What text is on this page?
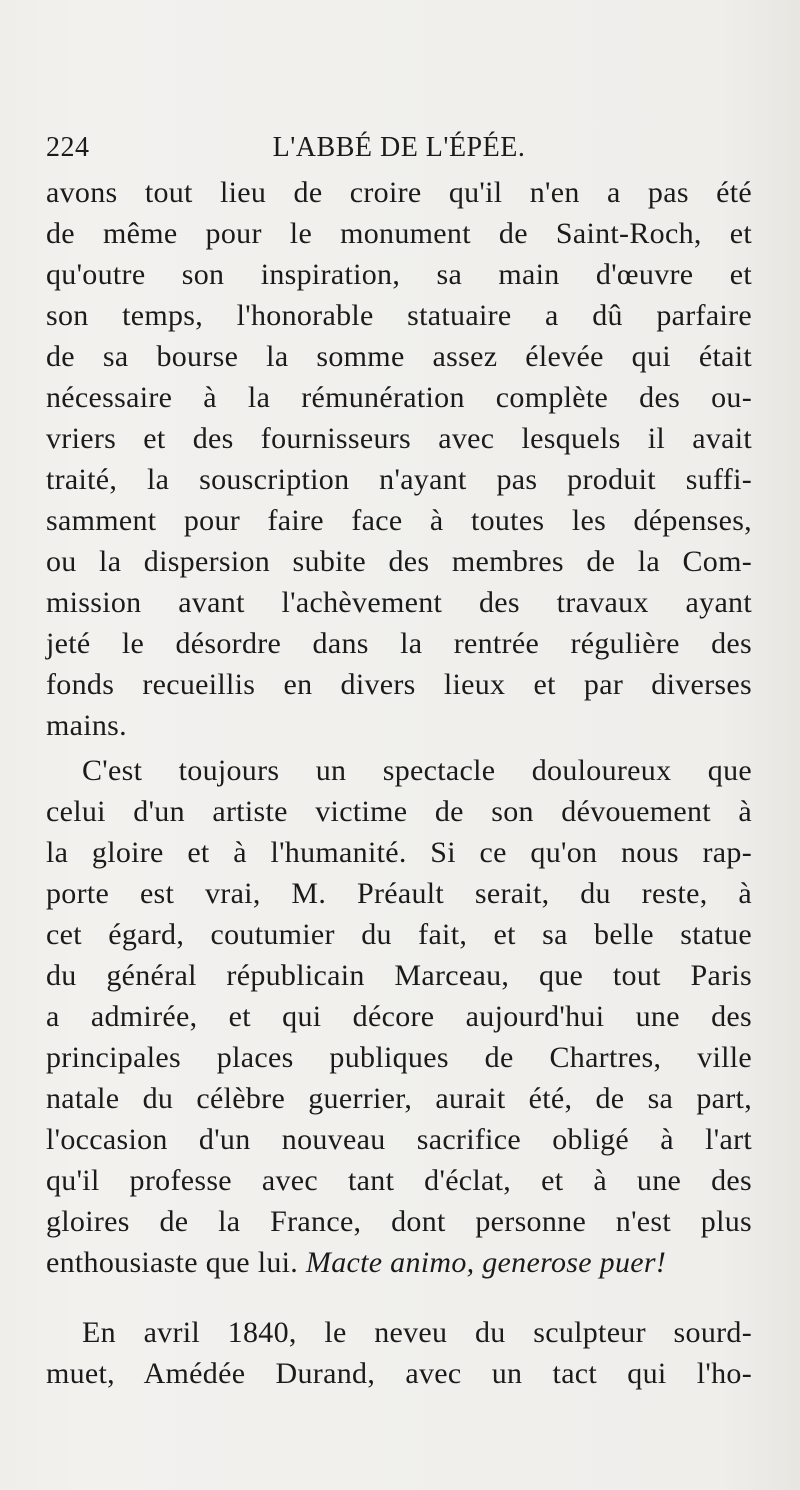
224	L'ABBÉ DE L'ÉPÉE.
avons tout lieu de croire qu'il n'en a pas été
de même pour le monument de Saint-Roch, et
qu'outre son inspiration, sa main d'œuvre et
son temps, l'honorable statuaire a dû parfaire
de sa bourse la somme assez élevée qui était
nécessaire à la rémunération complète des ou-
vriers et des fournisseurs avec lesquels il avait
traité, la souscription n'ayant pas produit suffi-
samment pour faire face à toutes les dépenses,
ou la dispersion subite des membres de la Com-
mission avant l'achèvement des travaux ayant
jeté le désordre dans la rentrée régulière des
fonds recueillis en divers lieux et par diverses
mains.
C'est toujours un spectacle douloureux que
celui d'un artiste victime de son dévouement à
la gloire et à l'humanité. Si ce qu'on nous rap-
porte est vrai, M. Préault serait, du reste, à
cet égard, coutumier du fait, et sa belle statue
du général républicain Marceau, que tout Paris
a admirée, et qui décore aujourd'hui une des
principales places publiques de Chartres, ville
natale du célèbre guerrier, aurait été, de sa part,
l'occasion d'un nouveau sacrifice obligé à l'art
qu'il professe avec tant d'éclat, et à une des
gloires de la France, dont personne n'est plus
enthousiaste que lui. Macte animo, generose puer!
En avril 1840, le neveu du sculpteur sourd-
muet, Amédée Durand, avec un tact qui l'ho-
